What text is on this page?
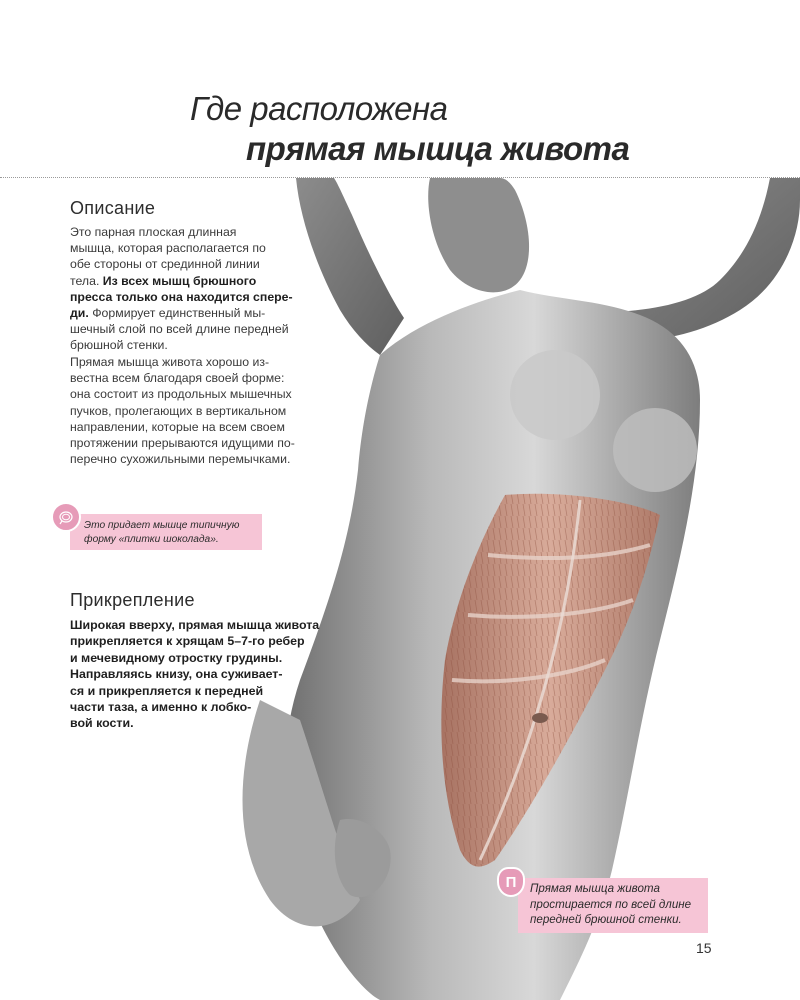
Где расположена
прямая мышца живота
Описание
Это парная плоская длинная
мышца, которая располагается по
обе стороны от срединной линии
тела. Из всех мышц брюшного
пресса только она находится спере-
ди. Формирует единственный мы-
шечный слой по всей длине передней
брюшной стенки.
Прямая мышца живота хорошо из-
вестна всем благодаря своей форме:
она состоит из продольных мышечных
пучков, пролегающих в вертикальном
направлении, которые на всем своем
протяжении прерываются идущими по-
перечно сухожильными перемычками.
Это придает мышце типичную
форму «плитки шоколада».
Прикрепление
Широкая вверху, прямая мышца живота
прикрепляется к хрящам 5–7-го ребер
и мечевидному отростку грудины.
Направляясь книзу, она суживает-
ся и прикрепляется к передней
части таза, а именно к лобко-
вой кости.
Прямая мышца живота
простирается по всей длине
передней брюшной стенки.
П
15
